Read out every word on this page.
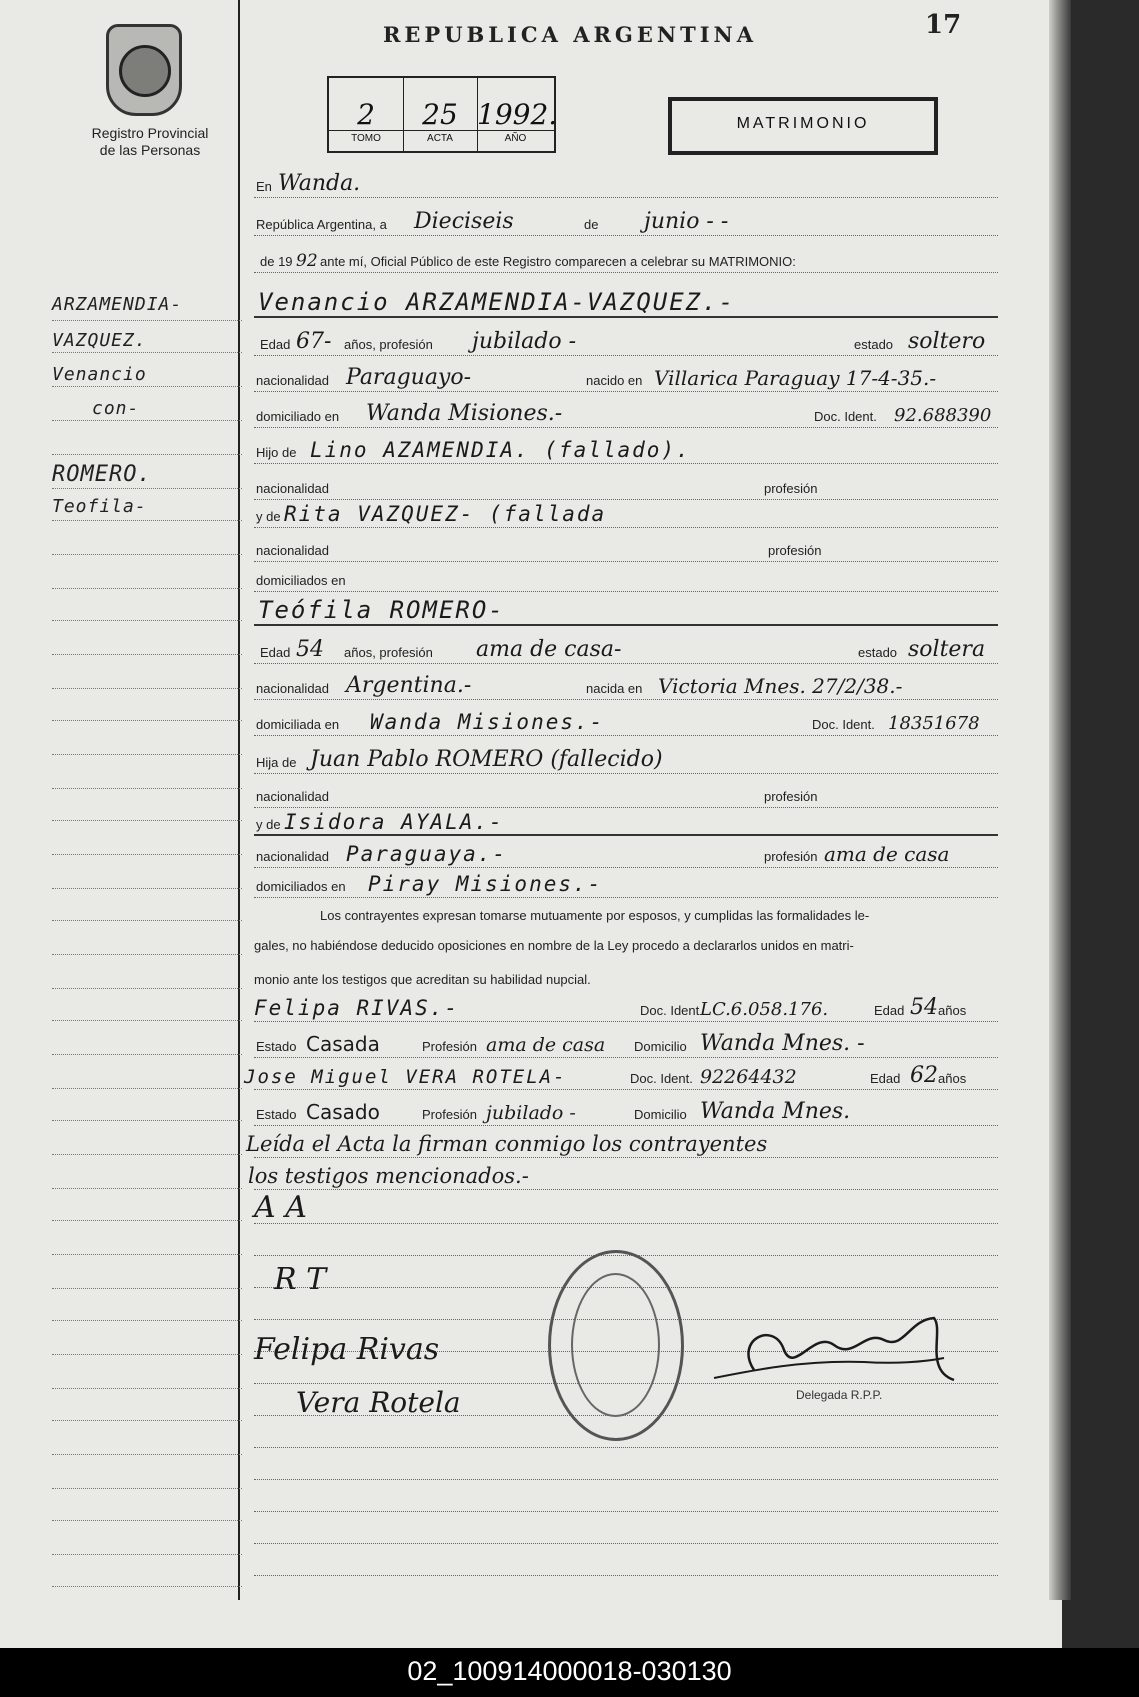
Registro Provincial
de las Personas
ARZAMENDIA-
VAZQUEZ.
Venancio
con-
ROMERO.
Teofila-
REPUBLICA ARGENTINA	17
2
TOMO
25
ACTA
1992.
AÑO
MATRIMONIO
En Wanda.
República Argentina, a Dieciseis	de junio - -
de 19 92 ante mí, Oficial Público de este Registro comparecen a celebrar su MATRIMONIO:
Venancio ARZAMENDIA-VAZQUEZ.-
Edad 67- años, profesión jubilado -	estado soltero
nacionalidad Paraguayo-	nacido en Villarica Paraguay 17-4-35.-
domiciliado en Wanda Misiones.-	Doc. Ident. 92.688390
Hijo de Lino AZAMENDIA. (fallado).
nacionalidad	profesión
y de Rita VAZQUEZ- (fallada
nacionalidad	profesión
domiciliados en
Teófila ROMERO-
Edad 54 años, profesión ama de casa-	estado soltera
nacionalidad Argentina.-	nacida en Victoria Mnes. 27/2/38.-
domiciliada en Wanda Misiones.-	Doc. Ident. 18351678
Hija de Juan Pablo ROMERO (fallecido)
nacionalidad	profesión
y de Isidora AYALA.-
nacionalidad Paraguaya.-	profesión ama de casa
domiciliados en Piray Misiones.-
Los contrayentes expresan tomarse mutuamente por esposos, y cumplidas las formalidades le-
gales, no habiéndose deducido oposiciones en nombre de la Ley procedo a declararlos unidos en matri-
monio ante los testigos que acreditan su habilidad nupcial.
Felipa RIVAS.-	Doc. Ident LC.6.058.176.	Edad 54 años
Estado Casada	Profesión ama de casa Domicilio Wanda Mnes. -
Jose Miguel VERA ROTELA-	Doc. Ident. 92264432	Edad 62 años
Estado Casado	Profesión jubilado -	Domicilio Wanda Mnes.
Leída el Acta la firman conmigo los contrayentes
los testigos mencionados.-
A A
R T
Felipa Rivas
Vera Rotela	Delegada R.P.P.
02_100914000018-030130
